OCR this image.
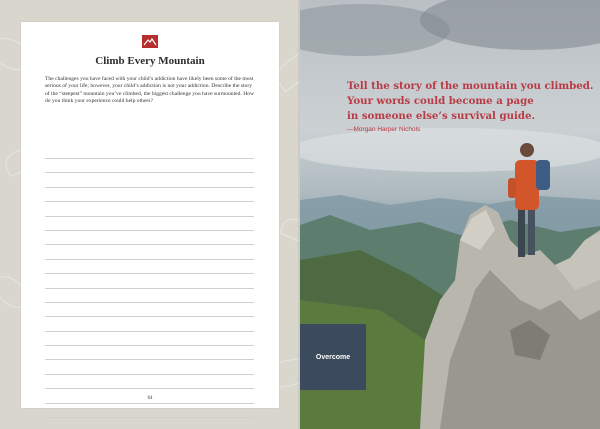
Climb Every Mountain
The challenges you have faced with your child’s addiction have likely been some of the most serious of your life; however, your child’s addiction is not your addiction. Describe the story of the “steepest” mountain you’ve climbed, the biggest challenge you have surmounted. How do you think your experience could help others?
84
Tell the story of the mountain you climbed.
Your words could become a page
in someone else’s survival guide.
—Morgan Harper Nichols
Overcome
